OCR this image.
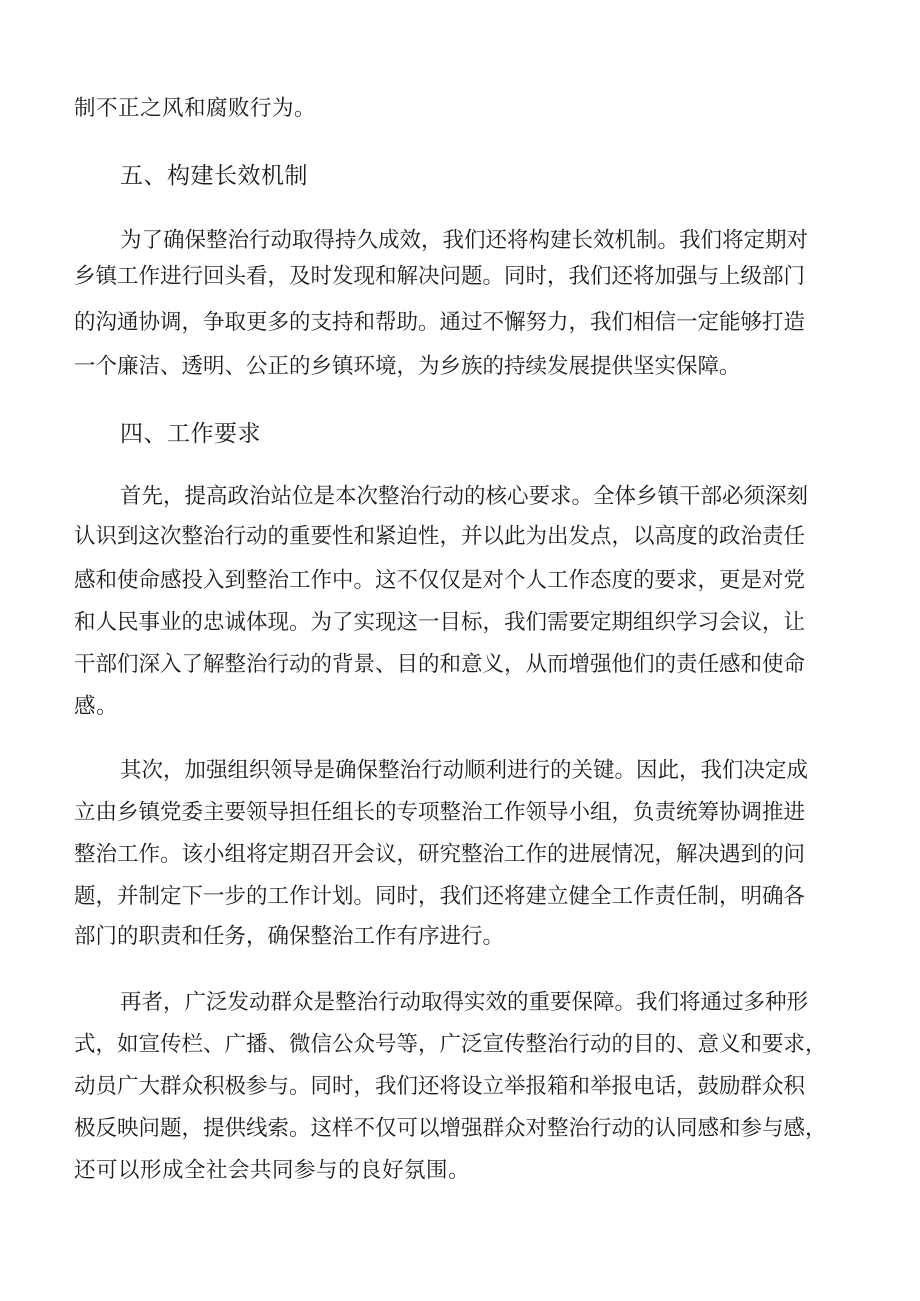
制不正之风和腐败行为。
五、构建长效机制
为了确保整治行动取得持久成效，我们还将构建长效机制。我们将定期对
乡镇工作进行回头看，及时发现和解决问题。同时，我们还将加强与上级部门
的沟通协调，争取更多的支持和帮助。通过不懈努力，我们相信一定能够打造
一个廉洁、透明、公正的乡镇环境，为乡族的持续发展提供坚实保障。
四、工作要求
首先，提高政治站位是本次整治行动的核心要求。全体乡镇干部必须深刻
认识到这次整治行动的重要性和紧迫性，并以此为出发点，以高度的政治责任
感和使命感投入到整治工作中。这不仅仅是对个人工作态度的要求，更是对党
和人民事业的忠诚体现。为了实现这一目标，我们需要定期组织学习会议，让
干部们深入了解整治行动的背景、目的和意义，从而增强他们的责任感和使命
感。
其次，加强组织领导是确保整治行动顺利进行的关键。因此，我们决定成
立由乡镇党委主要领导担任组长的专项整治工作领导小组，负责统筹协调推进
整治工作。该小组将定期召开会议，研究整治工作的进展情况，解决遇到的问
题，并制定下一步的工作计划。同时，我们还将建立健全工作责任制，明确各
部门的职责和任务，确保整治工作有序进行。
再者，广泛发动群众是整治行动取得实效的重要保障。我们将通过多种形
式，如宣传栏、广播、微信公众号等，广泛宣传整治行动的目的、意义和要求，
动员广大群众积极参与。同时，我们还将设立举报箱和举报电话，鼓励群众积
极反映问题，提供线索。这样不仅可以增强群众对整治行动的认同感和参与感，
还可以形成全社会共同参与的良好氛围。
